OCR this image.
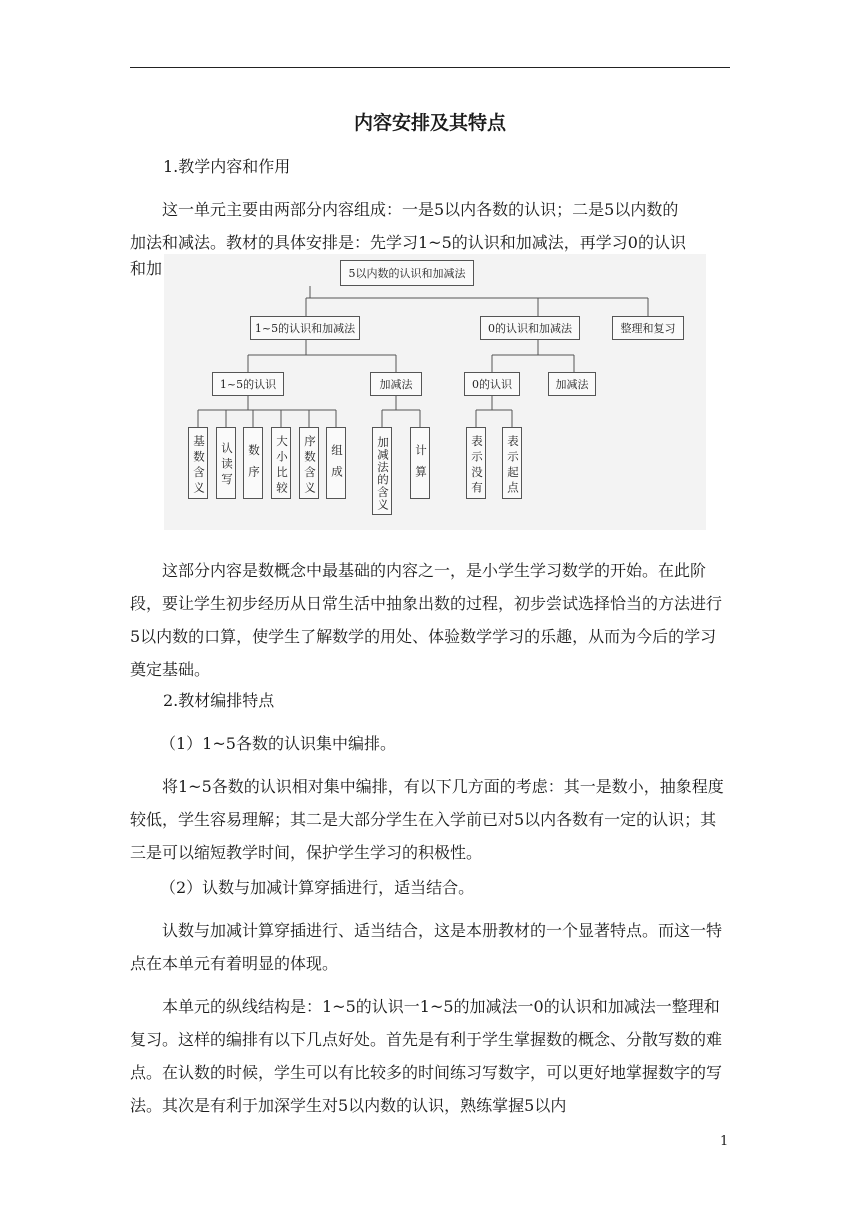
内容安排及其特点

1.教学内容和作用

这一单元主要由两部分内容组成：一是5以内各数的认识；二是5以内数的

加法和减法。教材的具体安排是：先学习1~5的认识和加减法，再学习0的认识

和加	5以内数的认识和加减法
1~5的认识和加减法	0的认识和加减法	整理和复习
1~5的认识	加减法	0的认识	加减法
基数含义	认读写	数序	大小比较	序数含义	组成	加减法的含义	计算	表示没有	表示起点

这部分内容是数概念中最基础的内容之一，是小学生学习数学的开始。在此阶段，要让学生初步经历从日常生活中抽象出数的过程，初步尝试选择恰当的方法进行5以内数的口算，使学生了解数学的用处、体验数学学习的乐趣，从而为今后的学习奠定基础。

2.教材编排特点

（1）1~5各数的认识集中编排。

将1~5各数的认识相对集中编排，有以下几方面的考虑：其一是数小，抽象程度较低，学生容易理解；其二是大部分学生在入学前已对5以内各数有一定的认识；其三是可以缩短教学时间，保护学生学习的积极性。

（2）认数与加减计算穿插进行，适当结合。

认数与加减计算穿插进行、适当结合，这是本册教材的一个显著特点。而这一特点在本单元有着明显的体现。

本单元的纵线结构是：1~5的认识一1~5的加减法一0的认识和加减法一整理和复习。这样的编排有以下几点好处。首先是有利于学生掌握数的概念、分散写数的难点。在认数的时候，学生可以有比较多的时间练习写数字，可以更好地掌握数字的写法。其次是有利于加深学生对5以内数的认识，熟练掌握5以内

1
